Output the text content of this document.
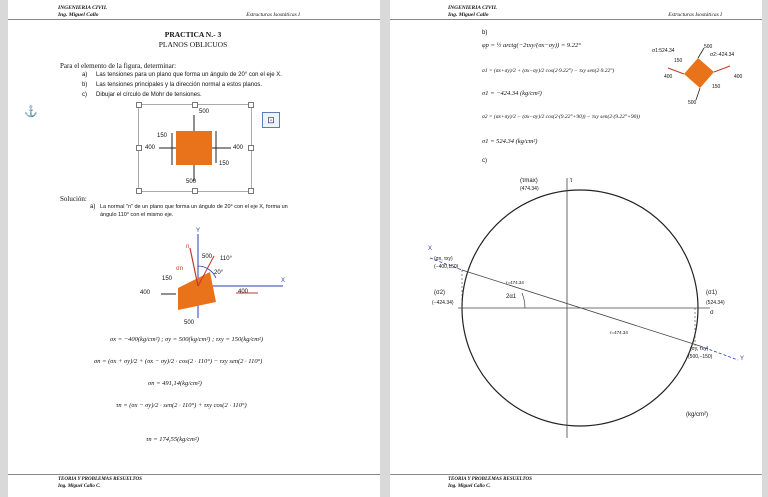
INGENIERIA CIVIL
Ing. Miguel Callo	Estructuras Isostáticas I
PRACTICA N.- 3
PLANOS OBLICUOS
Para el elemento de la figura, determinar:
a) Las tensiones para un plano que forma un ángulo de 20° con el eje X.
b) Las tensiones principales y la dirección normal a estos planos.
c) Dibujar el círculo de Mohr de tensiones.
500
500
400	400
150
150
⊡
Solución:
a) La normal "n" de un plano que forma un ángulo de 20° con el eje X, forma un
ángulo 110° con el mismo eje.
Y
X
n
110°
20°
500
500
400	400
150
σn
σx = −400(kg/cm²) ; σy = 500(kg/cm²) ; τxy = 150(kg/cm²)
σn = (σx + σy)/2 + (σx − σy)/2 · cos(2 · 110°) − τxy sen(2 · 110°)
σn = 491,14(kg/cm²)
τn = (σx − σy)/2 · sen(2 · 110°) + τxy cos(2 · 110°)
τn = 174,55(kg/cm²)
TEORIA Y PROBLEMAS RESUELTOS
Ing. Miguel Callo C.
⚓
INGENIERIA CIVIL
Ing. Miguel Callo	Estructuras Isostáticas I
b)
φp = ½ arctg(−2τxy/(σx−σy)) = 9.22°
σ1 = (σx+σy)/2 + (σx−σy)/2 cos(2·9.22°) − τxy sen(2·9.22°)
σ1 = −424.34 (kg/cm²)
σ2 = (σx+σy)/2 − (σx−σy)/2 cos(2·(9.22°+90)) − τxy sen(2·(9.22°+90))
σ1 = 524.34 (kg/cm²)
c)
σ1:524.34
σ2:-424.34
500
150
150
400	400
500
(τmax)
(474.34)
τ
X
(σx, τxy)
(−400,150)
(σ2)
(−424.34)
(σ1)
(524.34)
σ
r=474.34
r=474.34
2α1
(σy, τxy)
(500,−150)	Y
(kg/cm²)
TEORIA Y PROBLEMAS RESUELTOS
Ing. Miguel Callo C.
